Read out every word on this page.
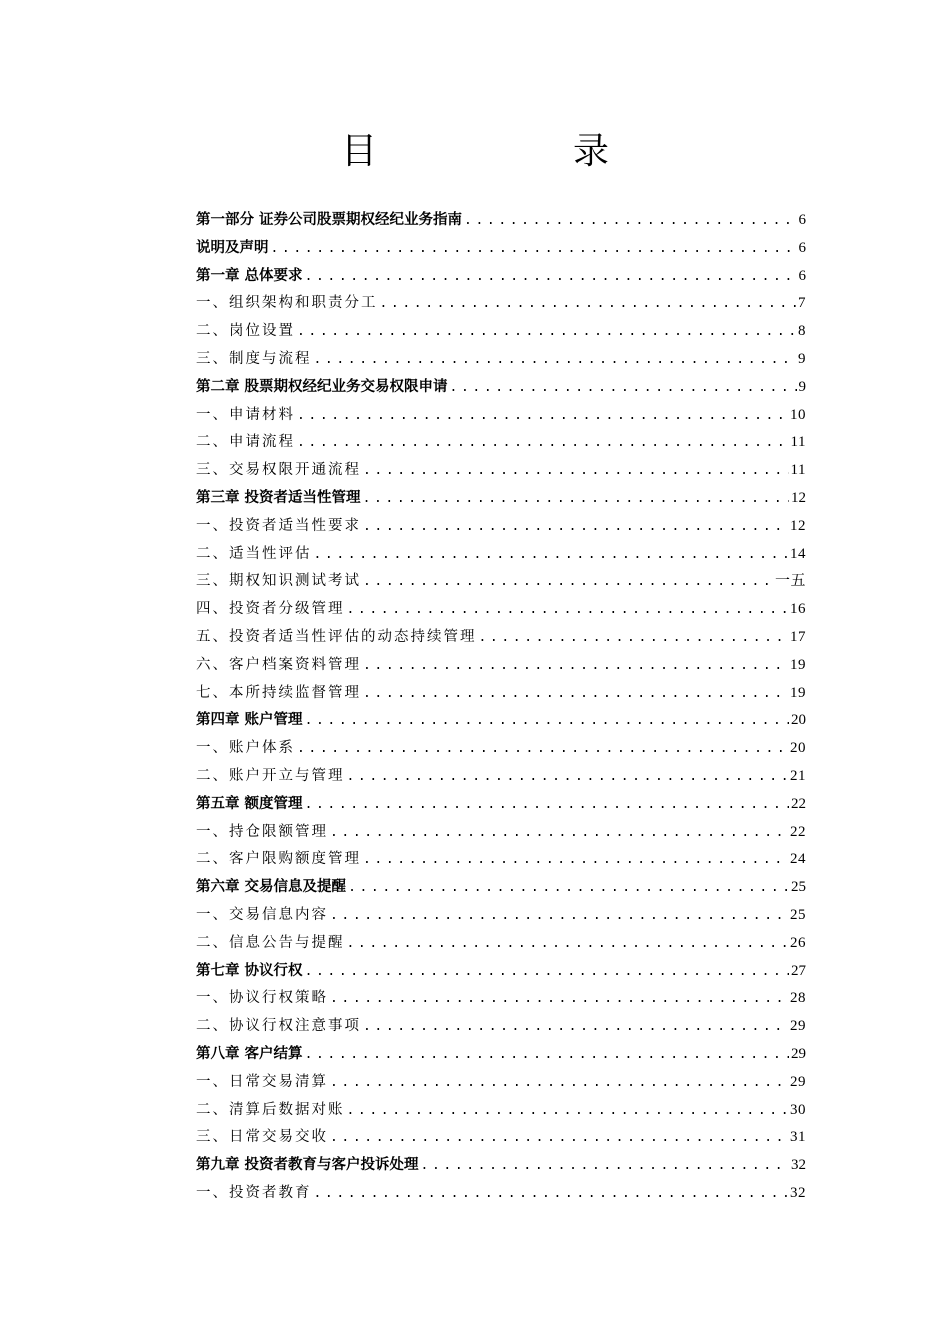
目　录
第一部分 证券公司股票期权经纪业务指南 .....	6
说明及声明 .....	6
第一章 总体要求 .....	6
一、组织架构和职责分工 .....	7
二、岗位设置 .....	8
三、制度与流程 .....	9
第二章 股票期权经纪业务交易权限申请 .....	9
一、申请材料 .....	10
二、申请流程 .....	11
三、交易权限开通流程 .....	11
第三章 投资者适当性管理 .....	12
一、投资者适当性要求 .....	12
二、适当性评估 .....	14
三、期权知识测试考试 .....	一五
四、投资者分级管理 .....	16
五、投资者适当性评估的动态持续管理 .....	17
六、客户档案资料管理 .....	19
七、本所持续监督管理 .....	19
第四章 账户管理 .....	20
一、账户体系 .....	20
二、账户开立与管理 .....	21
第五章 额度管理 .....	22
一、持仓限额管理 .....	22
二、客户限购额度管理 .....	24
第六章 交易信息及提醒 .....	25
一、交易信息内容 .....	25
二、信息公告与提醒 .....	26
第七章 协议行权 .....	27
一、协议行权策略 .....	28
二、协议行权注意事项 .....	29
第八章 客户结算 .....	29
一、日常交易清算 .....	29
二、清算后数据对账 .....	30
三、日常交易交收 .....	31
第九章 投资者教育与客户投诉处理 .....	32
一、投资者教育 .....	32
